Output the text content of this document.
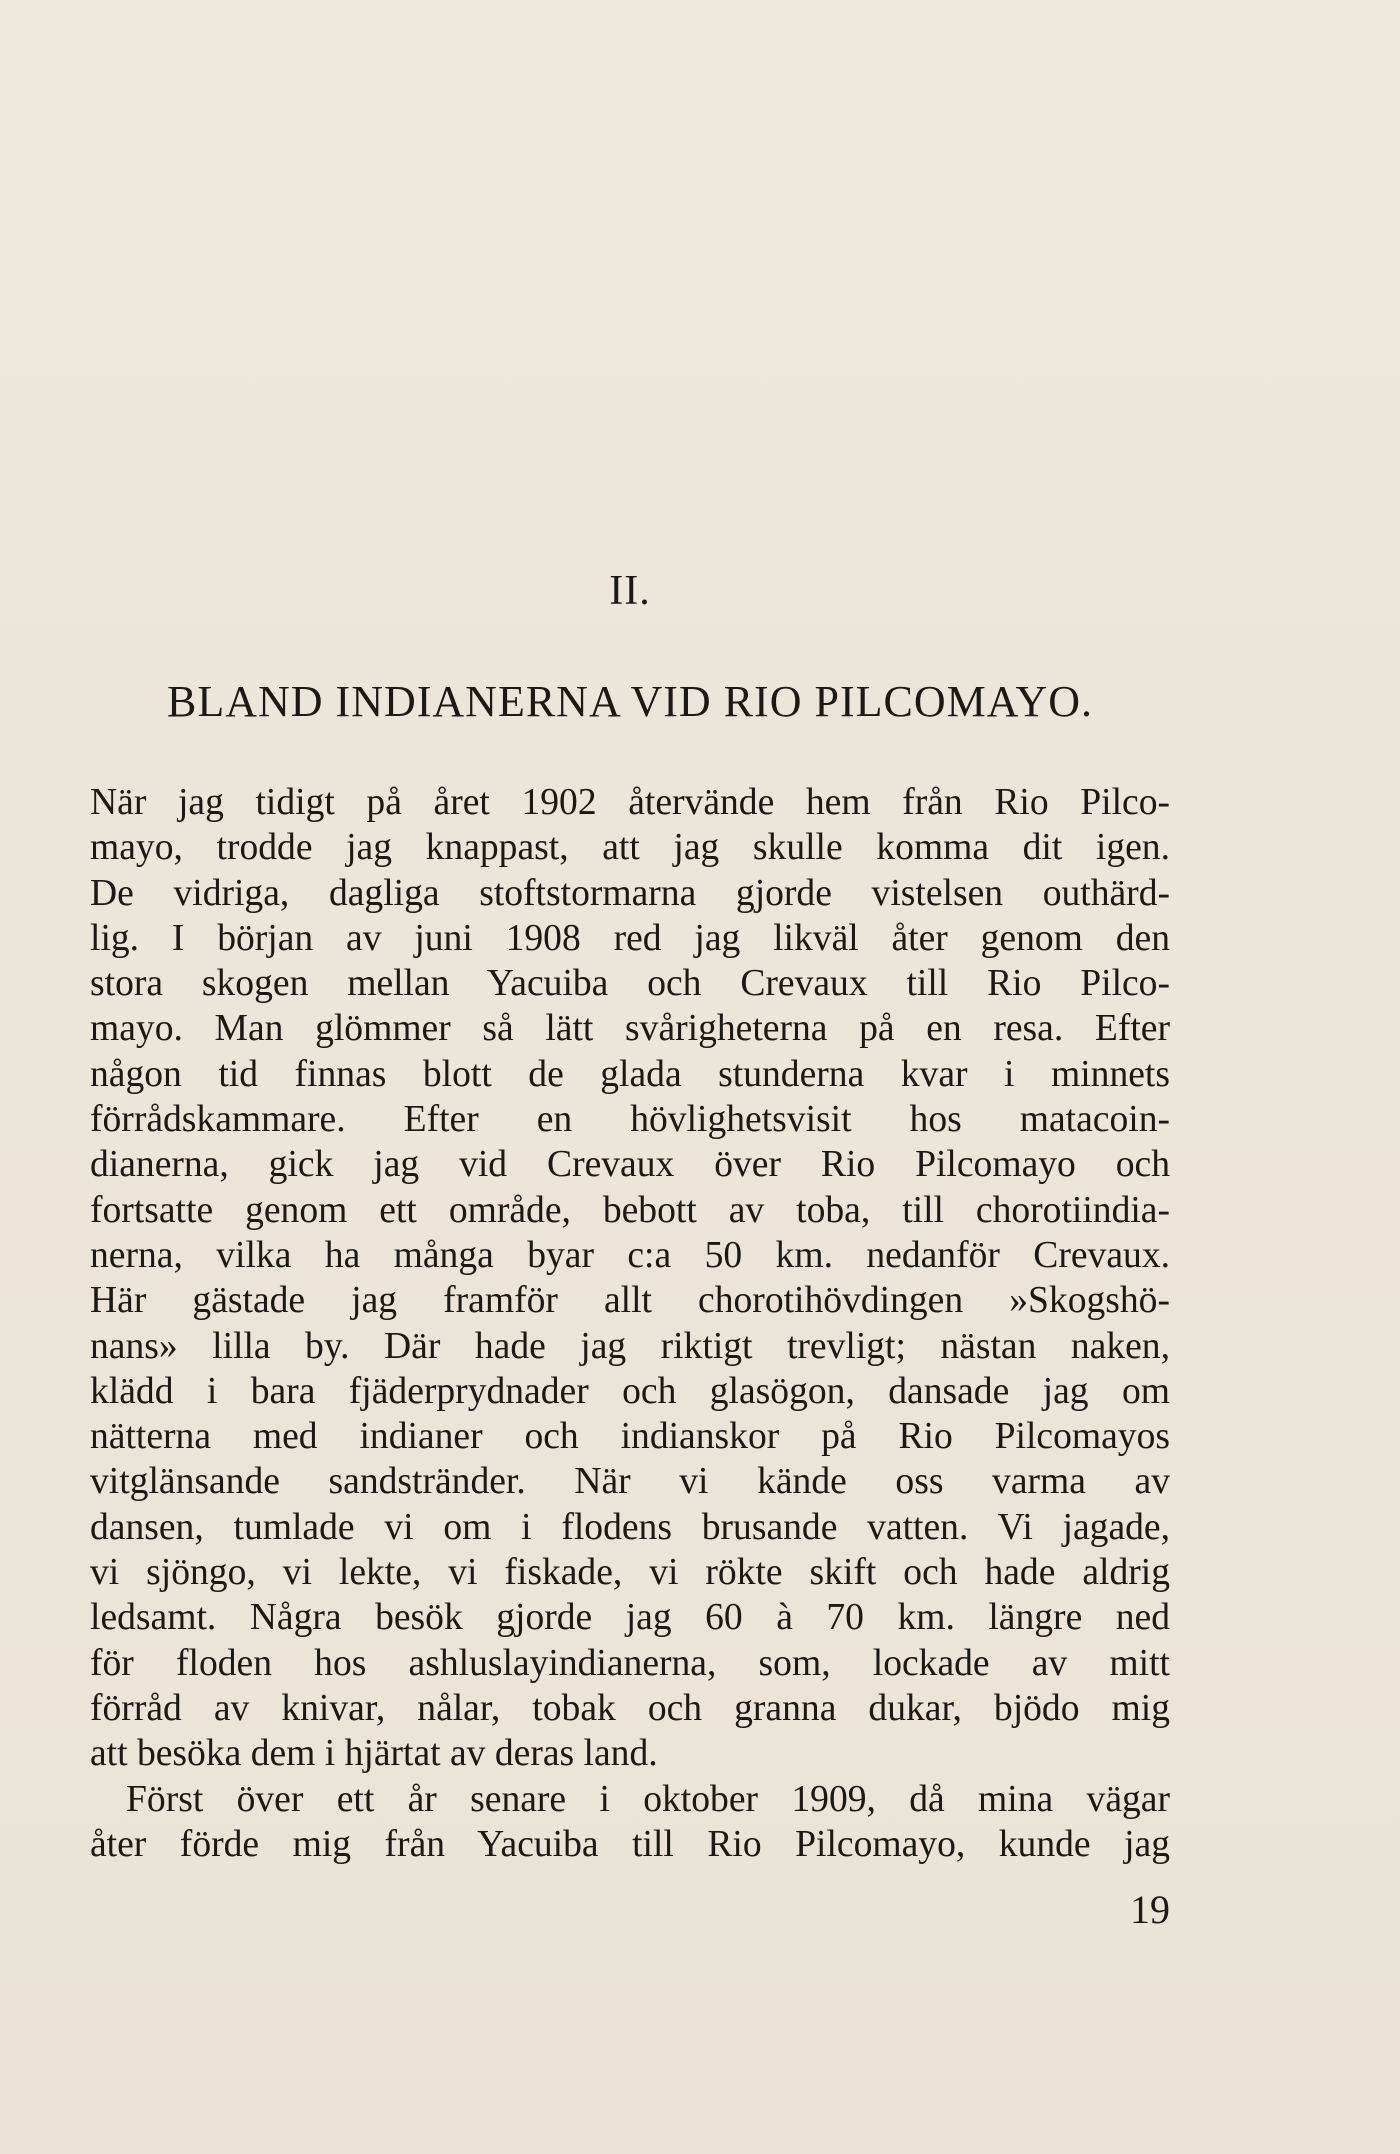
II.
BLAND INDIANERNA VID RIO PILCOMAYO.

När jag tidigt på året 1902 återvände hem från Rio Pilco-
mayo, trodde jag knappast, att jag skulle komma dit igen.
De vidriga, dagliga stoftstormarna gjorde vistelsen outhärd-
lig. I början av juni 1908 red jag likväl åter genom den
stora skogen mellan Yacuiba och Crevaux till Rio Pilco-
mayo. Man glömmer så lätt svårigheterna på en resa. Efter
någon tid finnas blott de glada stunderna kvar i minnets
förrådskammare. Efter en hövlighetsvisit hos matacoin-
dianerna, gick jag vid Crevaux över Rio Pilcomayo och
fortsatte genom ett område, bebott av toba, till chorotiindia-
nerna, vilka ha många byar c:a 50 km. nedanför Crevaux.
Här gästade jag framför allt chorotihövdingen »Skogshö-
nans» lilla by. Där hade jag riktigt trevligt; nästan naken,
klädd i bara fjäderprydnader och glasögon, dansade jag om
nätterna med indianer och indianskor på Rio Pilcomayos
vitglänsande sandstränder. När vi kände oss varma av
dansen, tumlade vi om i flodens brusande vatten. Vi jagade,
vi sjöngo, vi lekte, vi fiskade, vi rökte skift och hade aldrig
ledsamt. Några besök gjorde jag 60 à 70 km. längre ned
för floden hos ashluslayindianerna, som, lockade av mitt
förråd av knivar, nålar, tobak och granna dukar, bjödo mig
att besöka dem i hjärtat av deras land.

Först över ett år senare i oktober 1909, då mina vägar
åter förde mig från Yacuiba till Rio Pilcomayo, kunde jag

19
